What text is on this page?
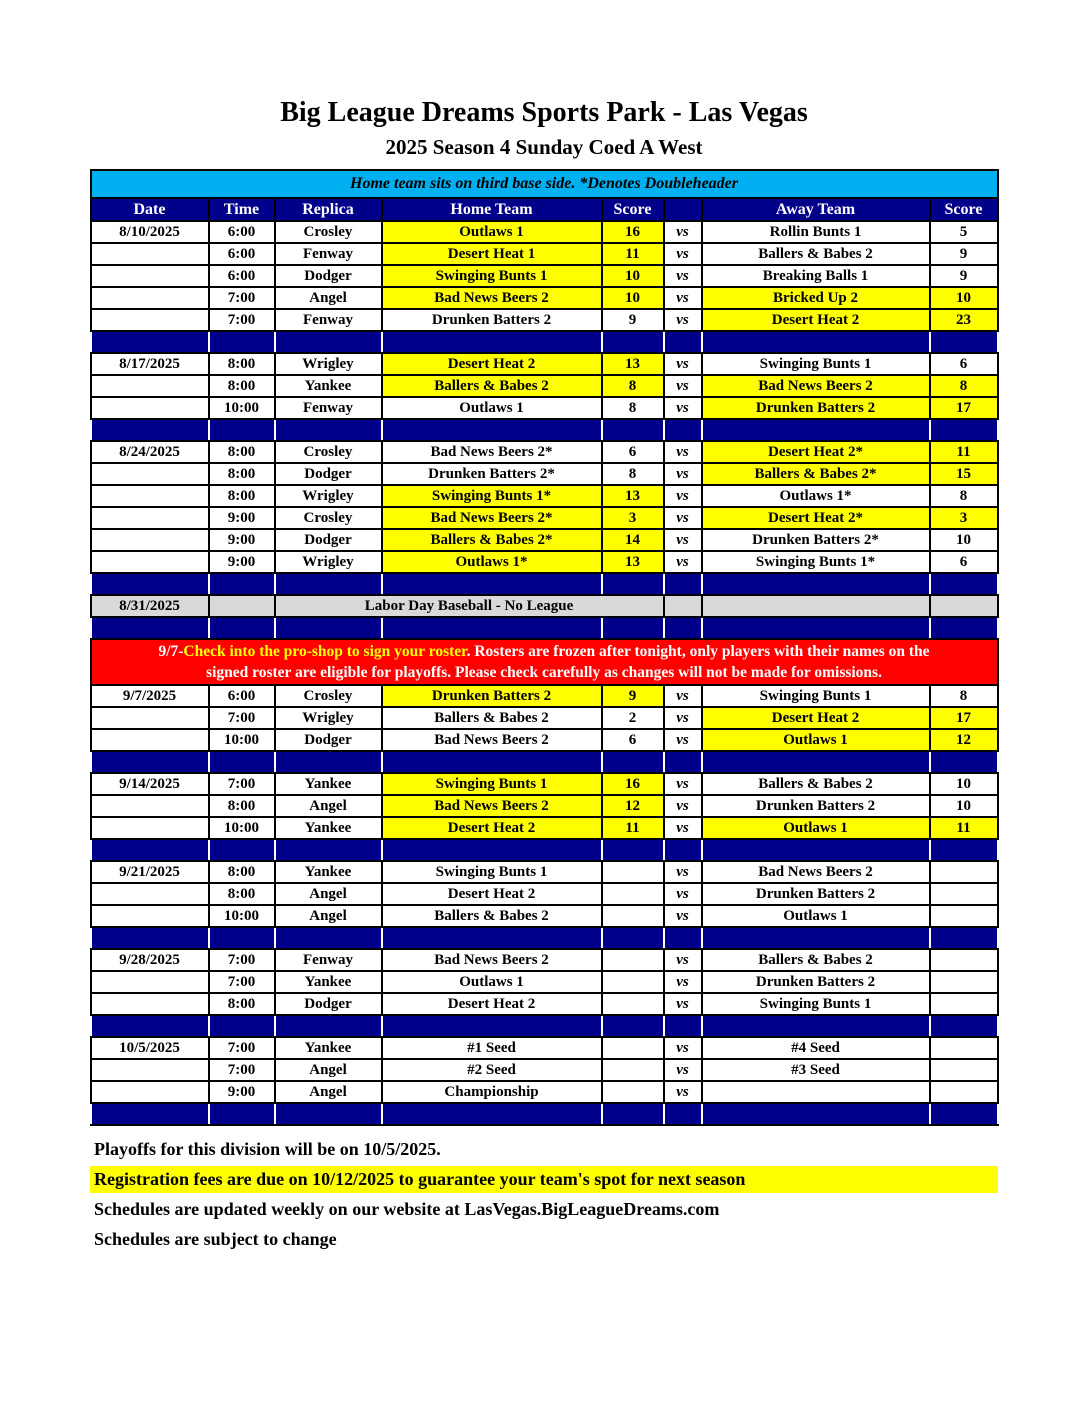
Big League Dreams Sports Park - Las Vegas
2025 Season 4 Sunday Coed A West
Home team sits on third base side. *Denotes Doubleheader							
Date	Time	Replica	Home Team	Score		Away Team	Score
8/10/2025	6:00	Crosley	Outlaws 1	16	vs	Rollin Bunts 1	5
	6:00	Fenway	Desert Heat 1	11	vs	Ballers & Babes 2	9
	6:00	Dodger	Swinging Bunts 1	10	vs	Breaking Balls 1	9
	7:00	Angel	Bad News Beers 2	10	vs	Bricked Up 2	10
	7:00	Fenway	Drunken Batters 2	9	vs	Desert Heat 2	23

8/17/2025	8:00	Wrigley	Desert Heat 2	13	vs	Swinging Bunts 1	6
	8:00	Yankee	Ballers & Babes 2	8	vs	Bad News Beers 2	8
	10:00	Fenway	Outlaws 1	8	vs	Drunken Batters 2	17

8/24/2025	8:00	Crosley	Bad News Beers 2*	6	vs	Desert Heat 2*	11
	8:00	Dodger	Drunken Batters 2*	8	vs	Ballers & Babes 2*	15
	8:00	Wrigley	Swinging Bunts 1*	13	vs	Outlaws 1*	8
	9:00	Crosley	Bad News Beers 2*	3	vs	Desert Heat 2*	3
	9:00	Dodger	Ballers & Babes 2*	14	vs	Drunken Batters 2*	10
	9:00	Wrigley	Outlaws 1*	13	vs	Swinging Bunts 1*	6

8/31/2025		Labor Day Baseball - No League					

9/7-Check into the pro-shop to sign your roster. Rosters are frozen after tonight, only players with their names on the
signed roster are eligible for playoffs. Please check carefully as changes will not be made for omissions.							

9/7/2025	6:00	Crosley	Drunken Batters 2	9	vs	Swinging Bunts 1	8
	7:00	Wrigley	Ballers & Babes 2	2	vs	Desert Heat 2	17
	10:00	Dodger	Bad News Beers 2	6	vs	Outlaws 1	12

9/14/2025	7:00	Yankee	Swinging Bunts 1	16	vs	Ballers & Babes 2	10
	8:00	Angel	Bad News Beers 2	12	vs	Drunken Batters 2	10
	10:00	Yankee	Desert Heat 2	11	vs	Outlaws 1	11

9/21/2025	8:00	Yankee	Swinging Bunts 1		vs	Bad News Beers 2	
	8:00	Angel	Desert Heat 2		vs	Drunken Batters 2	
	10:00	Angel	Ballers & Babes 2		vs	Outlaws 1	

9/28/2025	7:00	Fenway	Bad News Beers 2		vs	Ballers & Babes 2	
	7:00	Yankee	Outlaws 1		vs	Drunken Batters 2	
	8:00	Dodger	Desert Heat 2		vs	Swinging Bunts 1	

10/5/2025	7:00	Yankee	#1 Seed		vs	#4 Seed	
	7:00	Angel	#2 Seed		vs	#3 Seed	
	9:00	Angel	Championship		vs		

Playoffs for this division will be on 10/5/2025.
Registration fees are due on 10/12/2025 to guarantee your team's spot for next season
Schedules are updated weekly on our website at LasVegas.BigLeagueDreams.com
Schedules are subject to change
